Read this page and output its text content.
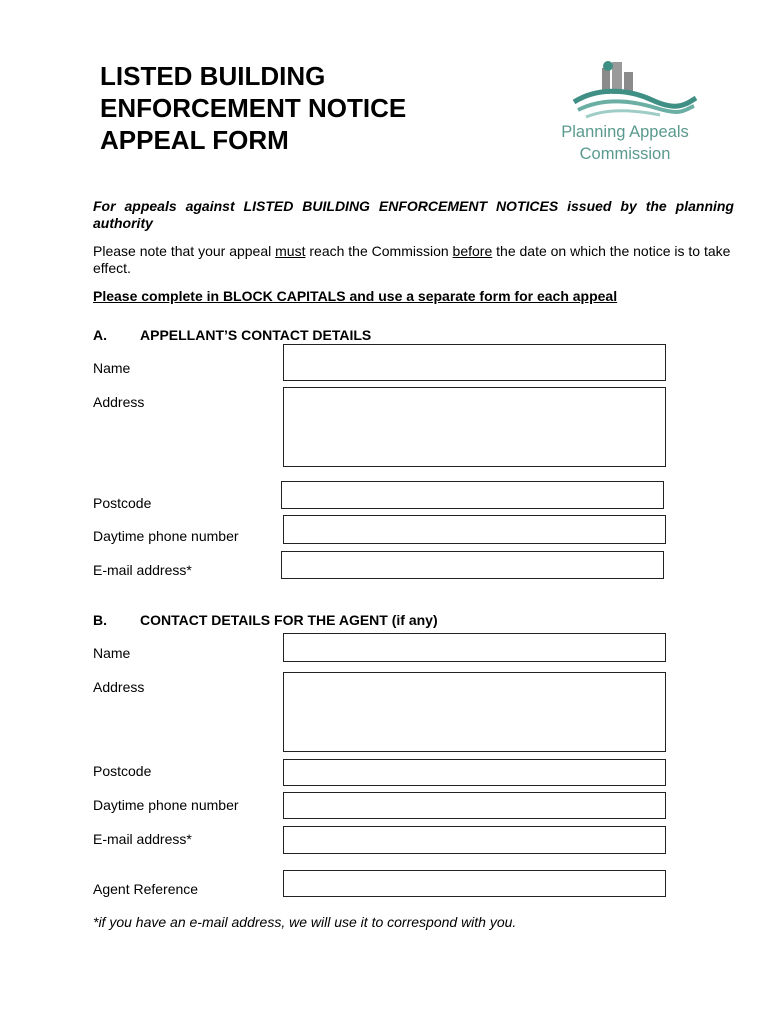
LISTED BUILDING
ENFORCEMENT NOTICE
APPEAL FORM	Planning Appeals
Commission

For appeals against LISTED BUILDING ENFORCEMENT NOTICES issued by the planning authority

Please note that your appeal must reach the Commission before the date on which the notice is to take effect.

Please complete in BLOCK CAPITALS and use a separate form for each appeal

A. APPELLANT’S CONTACT DETAILS
Name
Address
Postcode
Daytime phone number
E-mail address*
B. CONTACT DETAILS FOR THE AGENT (if any)
Name
Address
Postcode
Daytime phone number
E-mail address*
Agent Reference
*if you have an e-mail address, we will use it to correspond with you.
